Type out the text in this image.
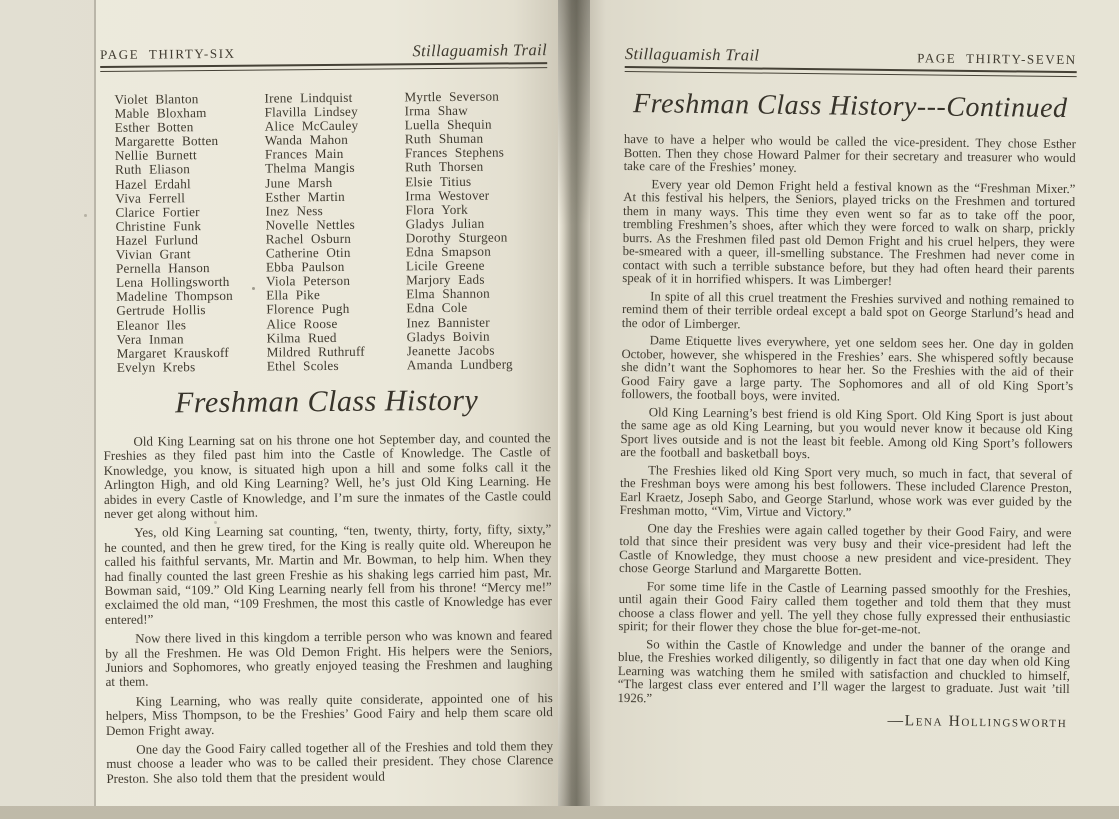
PAGE THIRTY-SIX	Stillaguamish Trail
Violet Blanton
Mable Bloxham
Esther Botten
Margarette Botten
Nellie Burnett
Ruth Eliason
Hazel Erdahl
Viva Ferrell
Clarice Fortier
Christine Funk
Hazel Furlund
Vivian Grant
Pernella Hanson
Lena Hollingsworth
Madeline Thompson
Gertrude Hollis
Eleanor Iles
Vera Inman
Margaret Krauskoff
Evelyn Krebs
Irene Lindquist
Flavilla Lindsey
Alice McCauley
Wanda Mahon
Frances Main
Thelma Mangis
June Marsh
Esther Martin
Inez Ness
Novelle Nettles
Rachel Osburn
Catherine Otin
Ebba Paulson
Viola Peterson
Ella Pike
Florence Pugh
Alice Roose
Kilma Rued
Mildred Ruthruff
Ethel Scoles
Myrtle Severson
Irma Shaw
Luella Shequin
Ruth Shuman
Frances Stephens
Ruth Thorsen
Elsie Titius
Irma Westover
Flora York
Gladys Julian
Dorothy Sturgeon
Edna Smapson
Licile Greene
Marjory Eads
Elma Shannon
Edna Cole
Inez Bannister
Gladys Boivin
Jeanette Jacobs
Amanda Lundberg
Freshman Class History

Old King Learning sat on his throne one hot September day, and counted the Freshies as they filed past him into the Castle of Knowledge. The Castle of Knowledge, you know, is situated high upon a hill and some folks call it the Arlington High, and old King Learning? Well, he’s just Old King Learning. He abides in every Castle of Knowledge, and I’m sure the inmates of the Castle could never get along without him.

Yes, old King Learning sat counting, “ten, twenty, thirty, forty, fifty, sixty,” he counted, and then he grew tired, for the King is really quite old. Whereupon he called his faithful servants, Mr. Martin and Mr. Bowman, to help him. When they had finally counted the last green Freshie as his shaking legs carried him past, Mr. Bowman said, “109.” Old King Learning nearly fell from his throne! “Mercy me!” exclaimed the old man, “109 Freshmen, the most this castle of Knowledge has ever entered!”

Now there lived in this kingdom a terrible person who was known and feared by all the Freshmen. He was Old Demon Fright. His helpers were the Seniors, Juniors and Sophomores, who greatly enjoyed teasing the Freshmen and laughing at them.

King Learning, who was really quite considerate, appointed one of his helpers, Miss Thompson, to be the Freshies’ Good Fairy and help them scare old Demon Fright away.

One day the Good Fairy called together all of the Freshies and told them they must choose a leader who was to be called their president. They chose Clarence Preston. She also told them that the president would

Stillaguamish Trail	PAGE THIRTY-SEVEN
Freshman Class History---Continued

have to have a helper who would be called the vice-president. They chose Esther Botten. Then they chose Howard Palmer for their secretary and treasurer who would take care of the Freshies’ money.

Every year old Demon Fright held a festival known as the “Freshman Mixer.” At this festival his helpers, the Seniors, played tricks on the Freshmen and tortured them in many ways. This time they even went so far as to take off the poor, trembling Freshmen’s shoes, after which they were forced to walk on sharp, prickly burrs. As the Freshmen filed past old Demon Fright and his cruel helpers, they were be-smeared with a queer, ill-smelling substance. The Freshmen had never come in contact with such a terrible substance before, but they had often heard their parents speak of it in horrified whispers. It was Limberger!

In spite of all this cruel treatment the Freshies survived and nothing remained to remind them of their terrible ordeal except a bald spot on George Starlund’s head and the odor of Limberger.

Dame Etiquette lives everywhere, yet one seldom sees her. One day in golden October, however, she whispered in the Freshies’ ears. She whispered softly because she didn’t want the Sophomores to hear her. So the Freshies with the aid of their Good Fairy gave a large party. The Sophomores and all of old King Sport’s followers, the football boys, were invited.

Old King Learning’s best friend is old King Sport. Old King Sport is just about the same age as old King Learning, but you would never know it because old King Sport lives outside and is not the least bit feeble. Among old King Sport’s followers are the football and basketball boys.

The Freshies liked old King Sport very much, so much in fact, that several of the Freshman boys were among his best followers. These included Clarence Preston, Earl Kraetz, Joseph Sabo, and George Starlund, whose work was ever guided by the Freshman motto, “Vim, Virtue and Victory.”

One day the Freshies were again called together by their Good Fairy, and were told that since their president was very busy and their vice-president had left the Castle of Knowledge, they must choose a new president and vice-president. They chose George Starlund and Margarette Botten.

For some time life in the Castle of Learning passed smoothly for the Freshies, until again their Good Fairy called them together and told them that they must choose a class flower and yell. The yell they chose fully expressed their enthusiastic spirit; for their flower they chose the blue for-get-me-not.

So within the Castle of Knowledge and under the banner of the orange and blue, the Freshies worked diligently, so diligently in fact that one day when old King Learning was watching them he smiled with satisfaction and chuckled to himself, “The largest class ever entered and I’ll wager the largest to graduate. Just wait ’till 1926.”

—Lena Hollingsworth
